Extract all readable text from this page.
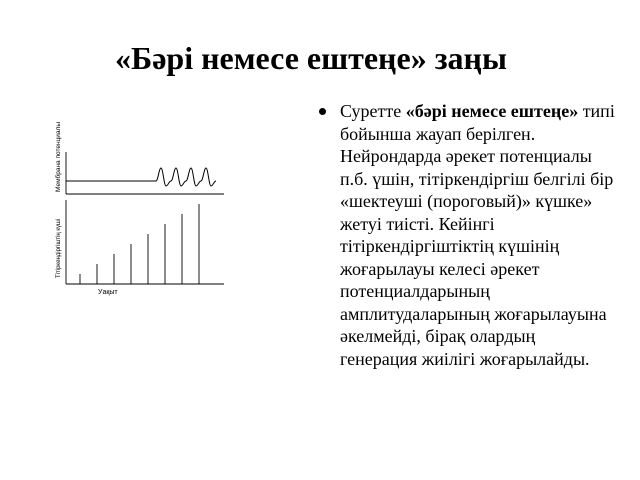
«Бәрі немесе ештеңе» заңы
Мембрана потенциалы
Тітіркендіргіштің күші
Уақыт
Суретте «бәрі немесе ештеңе» типі бойынша жауап берілген. Нейрондарда әрекет потенциалы п.б. үшін, тітіркендіргіш белгілі бір «шектеуші (пороговый)» күшке» жетуі тиісті. Кейінгі тітіркендіргіштіктің күшінің жоғарылауы келесі әрекет потенциалдарының амплитудаларының жоғарылауына әкелмейді, бірақ олардың генерация жиілігі жоғарылайды.
